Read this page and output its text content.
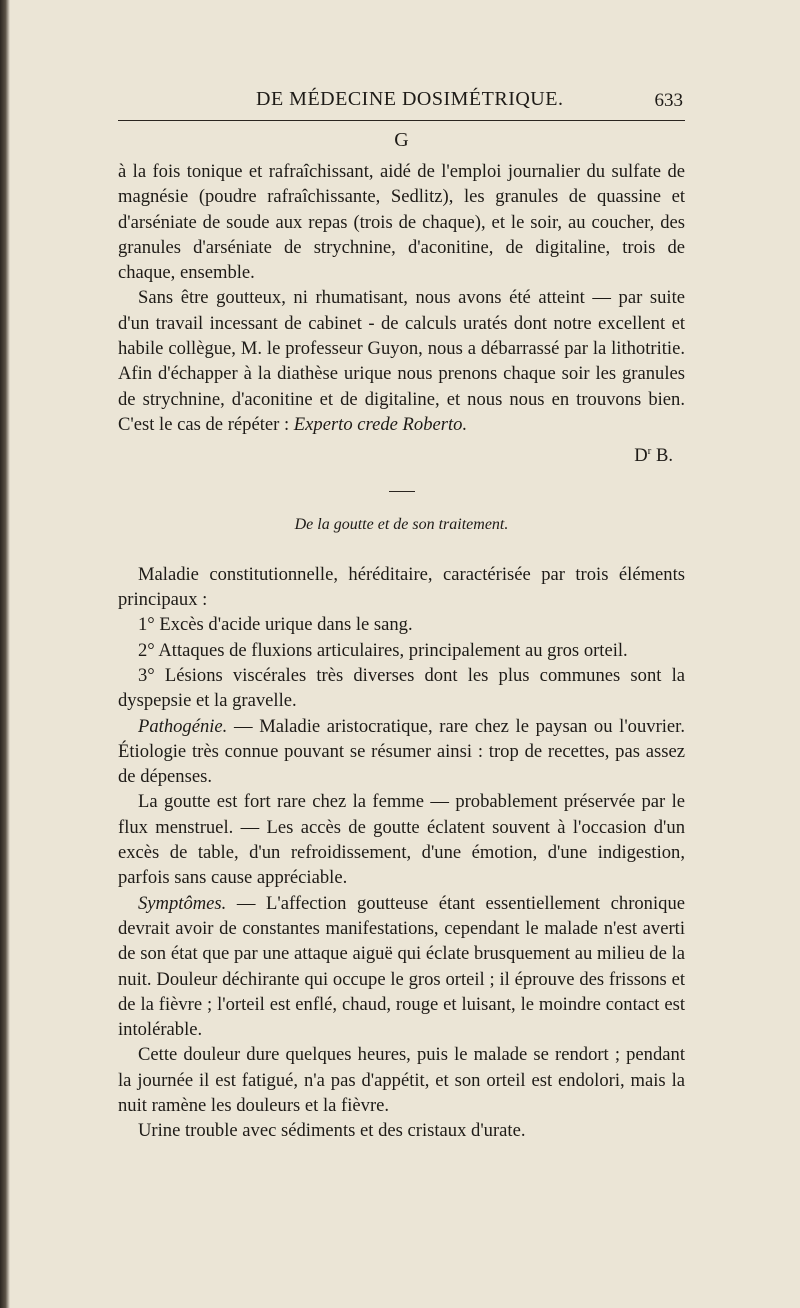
DE MÉDECINE DOSIMÉTRIQUE.	633
G

à la fois tonique et rafraîchissant, aidé de l'emploi journalier du sulfate de magnésie (poudre rafraîchissante, Sedlitz), les granules de quassine et d'arséniate de soude aux repas (trois de chaque), et le soir, au coucher, des granules d'arséniate de strychnine, d'aconitine, de digitaline, trois de chaque, ensemble.

Sans être goutteux, ni rhumatisant, nous avons été atteint — par suite d'un travail incessant de cabinet - de calculs uratés dont notre excellent et habile collègue, M. le professeur Guyon, nous a débarrassé par la lithotritie. Afin d'échapper à la diathèse urique nous prenons chaque soir les granules de strychnine, d'aconitine et de digitaline, et nous nous en trouvons bien. C'est le cas de répéter : Experto crede Roberto.

$D^r$ B.
De la goutte et de son traitement.

Maladie constitutionnelle, héréditaire, caractérisée par trois éléments principaux :

1° Excès d'acide urique dans le sang.

2° Attaques de fluxions articulaires, principalement au gros orteil.

3° Lésions viscérales très diverses dont les plus communes sont la dyspepsie et la gravelle.

Pathogénie. — Maladie aristocratique, rare chez le paysan ou l'ouvrier. Étiologie très connue pouvant se résumer ainsi : trop de recettes, pas assez de dépenses.

La goutte est fort rare chez la femme — probablement préservée par le flux menstruel. — Les accès de goutte éclatent souvent à l'occasion d'un excès de table, d'un refroidissement, d'une émotion, d'une indigestion, parfois sans cause appréciable.

Symptômes. — L'affection goutteuse étant essentiellement chronique devrait avoir de constantes manifestations, cependant le malade n'est averti de son état que par une attaque aiguë qui éclate brusquement au milieu de la nuit. Douleur déchirante qui occupe le gros orteil ; il éprouve des frissons et de la fièvre ; l'orteil est enflé, chaud, rouge et luisant, le moindre contact est intolérable.

Cette douleur dure quelques heures, puis le malade se rendort ; pendant la journée il est fatigué, n'a pas d'appétit, et son orteil est endolori, mais la nuit ramène les douleurs et la fièvre.

Urine trouble avec sédiments et des cristaux d'urate.
